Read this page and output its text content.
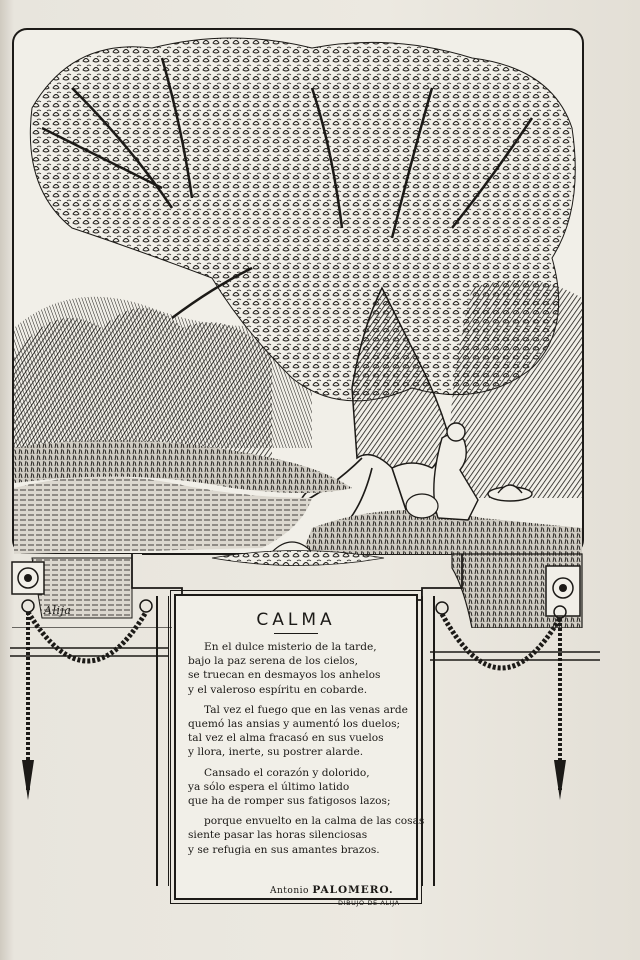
Alija	CALMA
En el dulce misterio de la tarde,
bajo la paz serena de los cielos,
se truecan en desmayos los anhelos
y el valeroso espíritu en cobarde.
Tal vez el fuego que en las venas arde
quemó las ansias y aumentó los duelos;
tal vez el alma fracasó en sus vuelos
y llora, inerte, su postrer alarde.
Cansado el corazón y dolorido,
ya sólo espera el último latido
que ha de romper sus fatigosos lazos;
porque envuelto en la calma de las cosas
siente pasar las horas silenciosas
y se refugia en sus amantes brazos.
Antonio PALOMERO.
DIBUJO DE ALIJA
